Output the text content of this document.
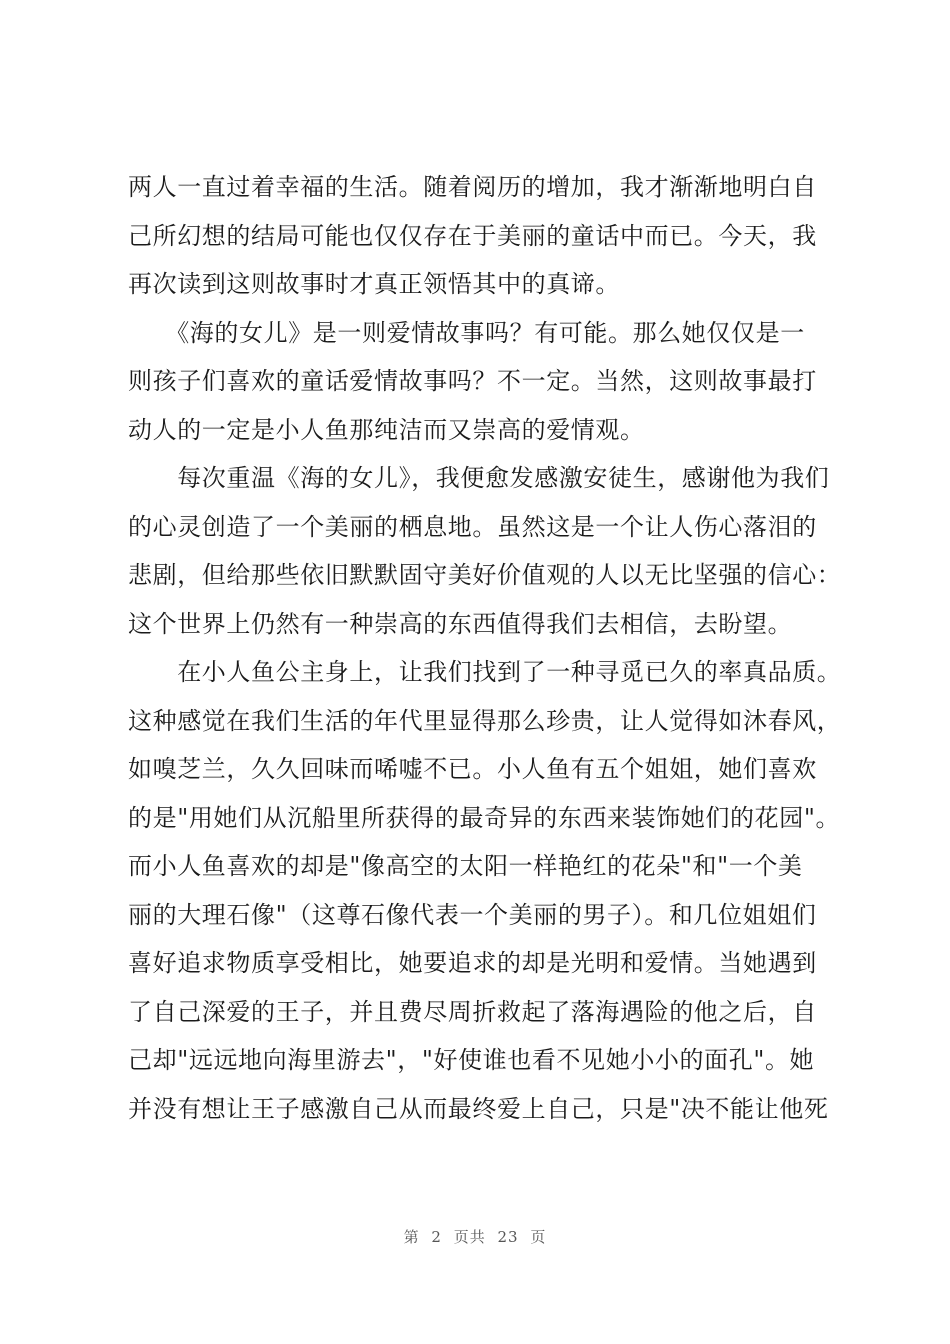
两人一直过着幸福的生活。随着阅历的增加，我才渐渐地明白自
己所幻想的结局可能也仅仅存在于美丽的童话中而已。今天，我
再次读到这则故事时才真正领悟其中的真谛。
　　《海的女儿》是一则爱情故事吗？有可能。那么她仅仅是一
则孩子们喜欢的童话爱情故事吗？不一定。当然，这则故事最打
动人的一定是小人鱼那纯洁而又崇高的爱情观。
　　每次重温《海的女儿》，我便愈发感激安徒生，感谢他为我们
的心灵创造了一个美丽的栖息地。虽然这是一个让人伤心落泪的
悲剧，但给那些依旧默默固守美好价值观的人以无比坚强的信心：
这个世界上仍然有一种崇高的东西值得我们去相信，去盼望。
　　在小人鱼公主身上，让我们找到了一种寻觅已久的率真品质。
这种感觉在我们生活的年代里显得那么珍贵，让人觉得如沐春风，
如嗅芝兰，久久回味而唏嘘不已。小人鱼有五个姐姐，她们喜欢
的是"用她们从沉船里所获得的最奇异的东西来装饰她们的花园"。
而小人鱼喜欢的却是"像高空的太阳一样艳红的花朵"和"一个美
丽的大理石像"（这尊石像代表一个美丽的男子）。和几位姐姐们
喜好追求物质享受相比，她要追求的却是光明和爱情。当她遇到
了自己深爱的王子，并且费尽周折救起了落海遇险的他之后，自
己却"远远地向海里游去"，"好使谁也看不见她小小的面孔"。她
并没有想让王子感激自己从而最终爱上自己，只是"决不能让他死
第 2 页共 23 页
